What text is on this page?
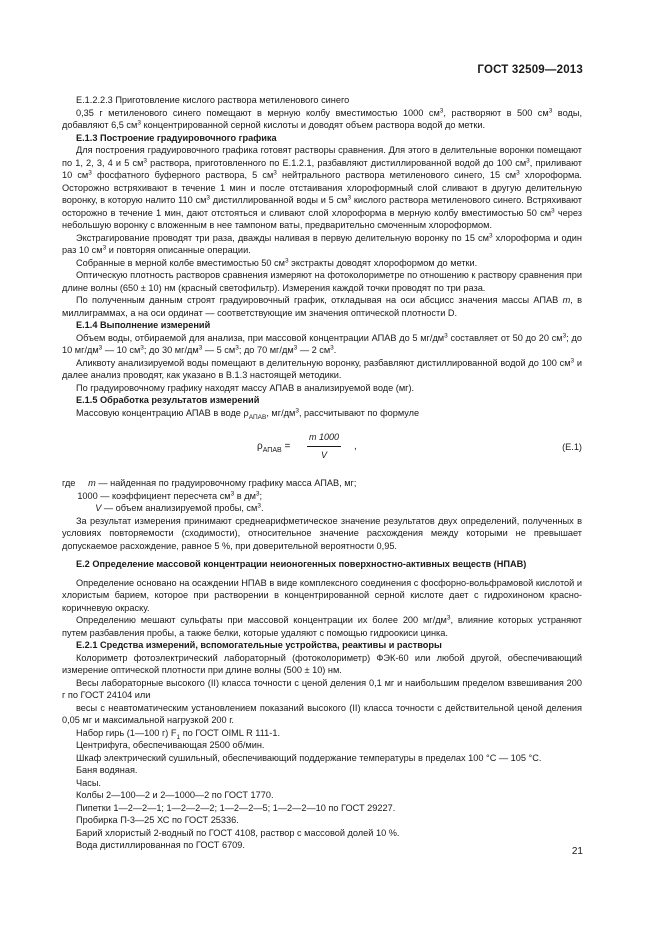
ГОСТ 32509—2013

Е.1.2.2.3 Приготовление кислого раствора метиленового синего

0,35 г метиленового синего помещают в мерную колбу вместимостью 1000 $см^3$, растворяют в 500 $см^3$ воды, добавляют 6,5 $см^3$ концентрированной серной кислоты и доводят объем раствора водой до метки.

Е.1.3 Построение градуировочного графика

Для построения градуировочного графика готовят растворы сравнения. Для этого в делительные воронки помещают по 1, 2, 3, 4 и 5 $см^3$ раствора, приготовленного по Е.1.2.1, разбавляют дистиллированной водой до 100 $см^3$, приливают 10 $см^3$ фосфатного буферного раствора, 5 $см^3$ нейтрального раствора метиленового синего, 15 $см^3$ хлороформа. Осторожно встряхивают в течение 1 мин и после отстаивания хлороформный слой сливают в другую делительную воронку, в которую налито 110 $см^3$ дистиллированной воды и 5 $см^3$ кислого раствора метиленового синего. Встряхивают осторожно в течение 1 мин, дают отстояться и сливают слой хлороформа в мерную колбу вместимостью 50 $см^3$ через небольшую воронку с вложенным в нее тампоном ваты, предварительно смоченным хлороформом.

Экстрагирование проводят три раза, дважды наливая в первую делительную воронку по 15 $см^3$ хлороформа и один раз 10 $см^3$ и повторяя описанные операции.

Собранные в мерной колбе вместимостью 50 $см^3$ экстракты доводят хлороформом до метки.

Оптическую плотность растворов сравнения измеряют на фотоколориметре по отношению к раствору сравнения при длине волны (650 ± 10) нм (красный светофильтр). Измерения каждой точки проводят по три раза.

По полученным данным строят градуировочный график, откладывая на оси абсцисс значения массы АПАВ m, в миллиграммах, а на оси ординат — соответствующие им значения оптической плотности D.

Е.1.4 Выполнение измерений

Объем воды, отбираемой для анализа, при массовой концентрации АПАВ до 5 $мг/дм^3$ составляет от 50 до 20 $см^3$; до 10 $мг/дм^3$ — 10 $см^3$; до 30 $мг/дм^3$ — 5 $см^3$; до 70 $мг/дм^3$ — 2 $см^3$.

Аликвоту анализируемой воды помещают в делительную воронку, разбавляют дистиллированной водой до 100 $см^3$ и далее анализ проводят, как указано в В.1.3 настоящей методики.

По градуировочному графику находят массу АПАВ в анализируемой воде (мг).

Е.1.5 Обработка результатов измерений

Массовую концентрацию АПАВ в воде $\rho_{АПАВ}$, $мг/дм^3$, рассчитывают по формуле

$\rho_{АПАВ} = \frac{m 1000}{V}$ ,	(Е.1)
где     m — найденная по градуировочному графику масса АПАВ, мг;
1000 — коэффициент пересчета $см^3$ в $дм^3$;
V — объем анализируемой пробы, $см^3$.

За результат измерения принимают среднеарифметическое значение результатов двух определений, полученных в условиях повторяемости (сходимости), относительное значение расхождения между которыми не превышает допускаемое расхождение, равное 5 %, при доверительной вероятности 0,95.

Е.2 Определение массовой концентрации неионогенных поверхностно-активных веществ (НПАВ)

Определение основано на осаждении НПАВ в виде комплексного соединения с фосфорно-вольфрамовой кислотой и хлористым барием, которое при растворении в концентрированной серной кислоте дает с гидрохиноном красно-коричневую окраску.

Определению мешают сульфаты при массовой концентрации их более 200 $мг/дм^3$, влияние которых устраняют путем разбавления пробы, а также белки, которые удаляют с помощью гидроокиси цинка.

Е.2.1 Средства измерений, вспомогательные устройства, реактивы и растворы

Колориметр фотоэлектрический лабораторный (фотоколориметр) ФЭК-60 или любой другой, обеспечивающий измерение оптической плотности при длине волны (500 ± 10) нм.

Весы лабораторные высокого (II) класса точности с ценой деления 0,1 мг и наибольшим пределом взвешивания 200 г по ГОСТ 24104 или

весы с неавтоматическим установлением показаний высокого (II) класса точности с действительной ценой деления 0,05 мг и максимальной нагрузкой 200 г.

Набор гирь (1—100 г) $F_1$ по ГОСТ OIML R 111-1.

Центрифуга, обеспечивающая 2500 об/мин.

Шкаф электрический сушильный, обеспечивающий поддержание температуры в пределах 100 °С — 105 °С.

Баня водяная.

Часы.

Колбы 2—100—2 и 2—1000—2 по ГОСТ 1770.

Пипетки 1—2—2—1; 1—2—2—2; 1—2—2—5; 1—2—2—10 по ГОСТ 29227.

Пробирка П-3—25 ХС по ГОСТ 25336.

Барий хлористый 2-водный по ГОСТ 4108, раствор с массовой долей 10 %.

Вода дистиллированная по ГОСТ 6709.

21
